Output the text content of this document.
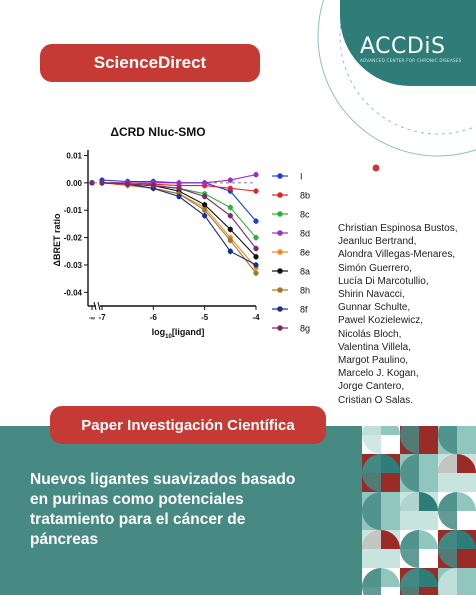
ACCDiS
ADVANCED CENTER FOR CHRONIC DISEASES
ScienceDirect
ΔCRD Nluc-SMO
ΔBRET ratio
$\log_{10}[ligand]$
0.01
0.00
-0.01
-0.02
-0.03
-0.04
-∞ -7	-6	-5	-4
I
8b
8c
8d
8e
8a
8h
8f
8g
Christian Espinosa Bustos,
Jeanluc Bertrand,
Alondra Villegas-Menares,
Simón Guerrero,
Lucía Di Marcotullio,
Shirin Navacci,
Gunnar Schulte,
Pawel Kozielewicz,
Nicolás Bloch,
Valentina Villela,
Margot Paulino,
Marcelo J. Kogan,
Jorge Cantero,
Cristian O Salas.
Paper Investigación Científica
Nuevos ligantes suavizados basado
en purinas como potenciales
tratamiento para el cáncer de
páncreas
